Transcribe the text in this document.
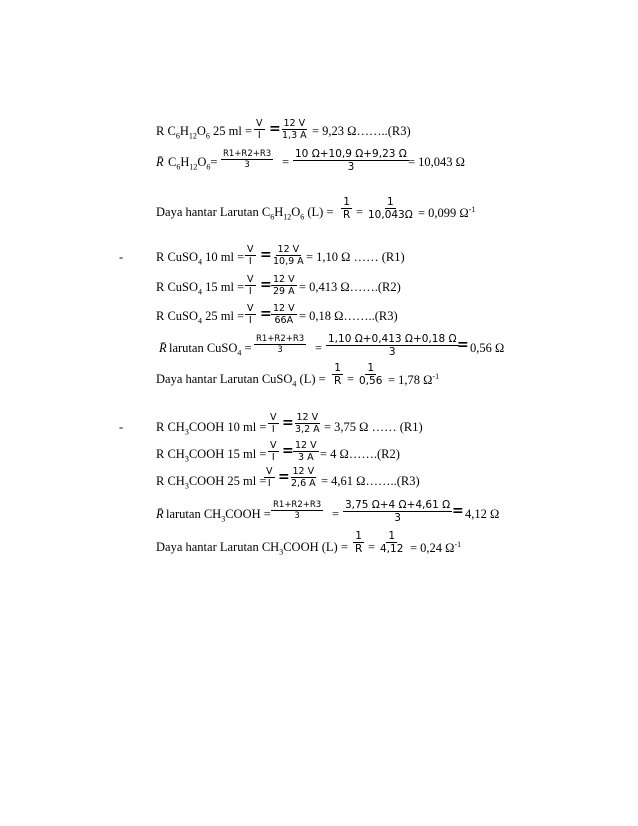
R $C_6H_{12}O_6$ 25 ml = $\frac{V}{I} = \frac{12 V}{1,3 A} = 9,23$ Ω……..(R3)
R̄ $C_6H_{12}O_6= \frac{R1+R2+R3}{3} = \frac{10 \Omega+10,9 \Omega+9,23 \Omega}{3} = 10,043$ Ω
Daya hantar Larutan $C_6H_{12}O_6$ $(L) = \frac{1}{R̄} = \frac{1}{10,043\Omega} = 0,099$ $\Omega^{-1}$
-	R CuSO$_4$ 10 ml = $\frac{V}{I} = \frac{12 V}{10,9 A} = 1,10$ Ω …… (R1)
R CuSO$_4$ 15 ml = $\frac{V}{I} = \frac{12 V}{29 A} = 0,413$ Ω…….(R2)
R CuSO$_4$ 25 ml = $\frac{V}{I} = \frac{12 V}{66A} = 0,18$ Ω……..(R3)
R̄ larutan CuSO$_4$ = $\frac{R1+R2+R3}{3} = \frac{1,10 \Omega+0,413 \Omega+0,18 \Omega}{3}$
= 0,56 Ω
Daya hantar Larutan CuSO$_4$ $(L) = \frac{1}{R̄} = \frac{1}{0,56} = 1,78$ $\Omega^{-1}$
-	R $CH_3COOH$ 10 ml = $\frac{V}{I} = \frac{12 V}{3,2 A} = 3,75$ Ω …… (R1)
R $CH_3COOH$ 15 ml = $\frac{V}{I} = \frac{12 V}{3 A} = 4$ Ω…….(R2)
R $CH_3COOH$ 25 ml =
$\frac{V}{I} = \frac{12 V}{2,6 A} = 4,61$ Ω……..(R3)
R̄ larutan $CH_3COOH = \frac{R1+R2+R3}{3} = \frac{3,75 \Omega+4 \Omega+4,61 \Omega}{3} = 4,12$ Ω
Daya hantar Larutan $CH_3COOH$ $(L) = \frac{1}{R̄} = \frac{1}{4,12} = 0,24$ $\Omega^{-1}$
